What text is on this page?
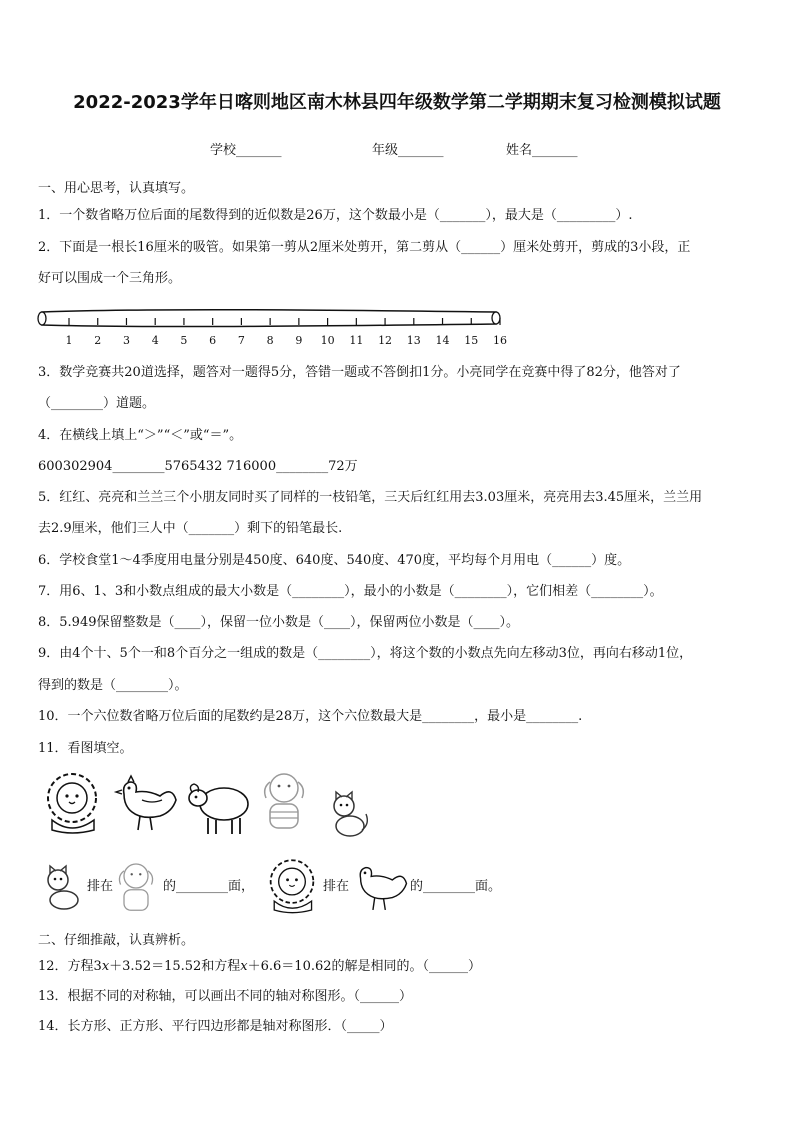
2022-2023学年日喀则地区南木林县四年级数学第二学期期末复习检测模拟试题
学校_______	年级_______	姓名_______
一、用心思考，认真填写。
1．一个数省略万位后面的尾数得到的近似数是26万，这个数最小是（_______），最大是（_________）.
2．下面是一根长16厘米的吸管。如果第一剪从2厘米处剪开，第二剪从（______）厘米处剪开，剪成的3小段，正
好可以围成一个三角形。
1 2 3 4 5 6 7 8 9 10 11 12 13 14 15 16
3．数学竞赛共20道选择，题答对一题得5分，答错一题或不答倒扣1分。小亮同学在竞赛中得了82分，他答对了
（________）道题。
4．在横线上填上“＞”“＜”或“＝”。
600302904________5765432 716000________72万
5．红红、亮亮和兰兰三个小朋友同时买了同样的一枝铅笔，三天后红红用去3.03厘米，亮亮用去3.45厘米，兰兰用
去2.9厘米，他们三人中（_______）剩下的铅笔最长.
6．学校食堂1～4季度用电量分别是450度、640度、540度、470度，平均每个月用电（______）度。
7．用6、1、3和小数点组成的最大小数是（________），最小的小数是（________），它们相差（________）。
8．5.949保留整数是（____），保留一位小数是（____），保留两位小数是（____）。
9．由4个十、5个一和8个百分之一组成的数是（________），将这个数的小数点先向左移动3位，再向右移动1位，
得到的数是（________）。
10．一个六位数省略万位后面的尾数约是28万，这个六位数最大是________，最小是________.
11．看图填空。
排在	的________面，	排在	的________面。
二、仔细推敲，认真辨析。
12．方程3𝑥＋3.52＝15.52和方程𝑥＋6.6＝10.62的解是相同的。（______）
13．根据不同的对称轴，可以画出不同的轴对称图形。（______）
14．长方形、正方形、平行四边形都是轴对称图形．（_____）
